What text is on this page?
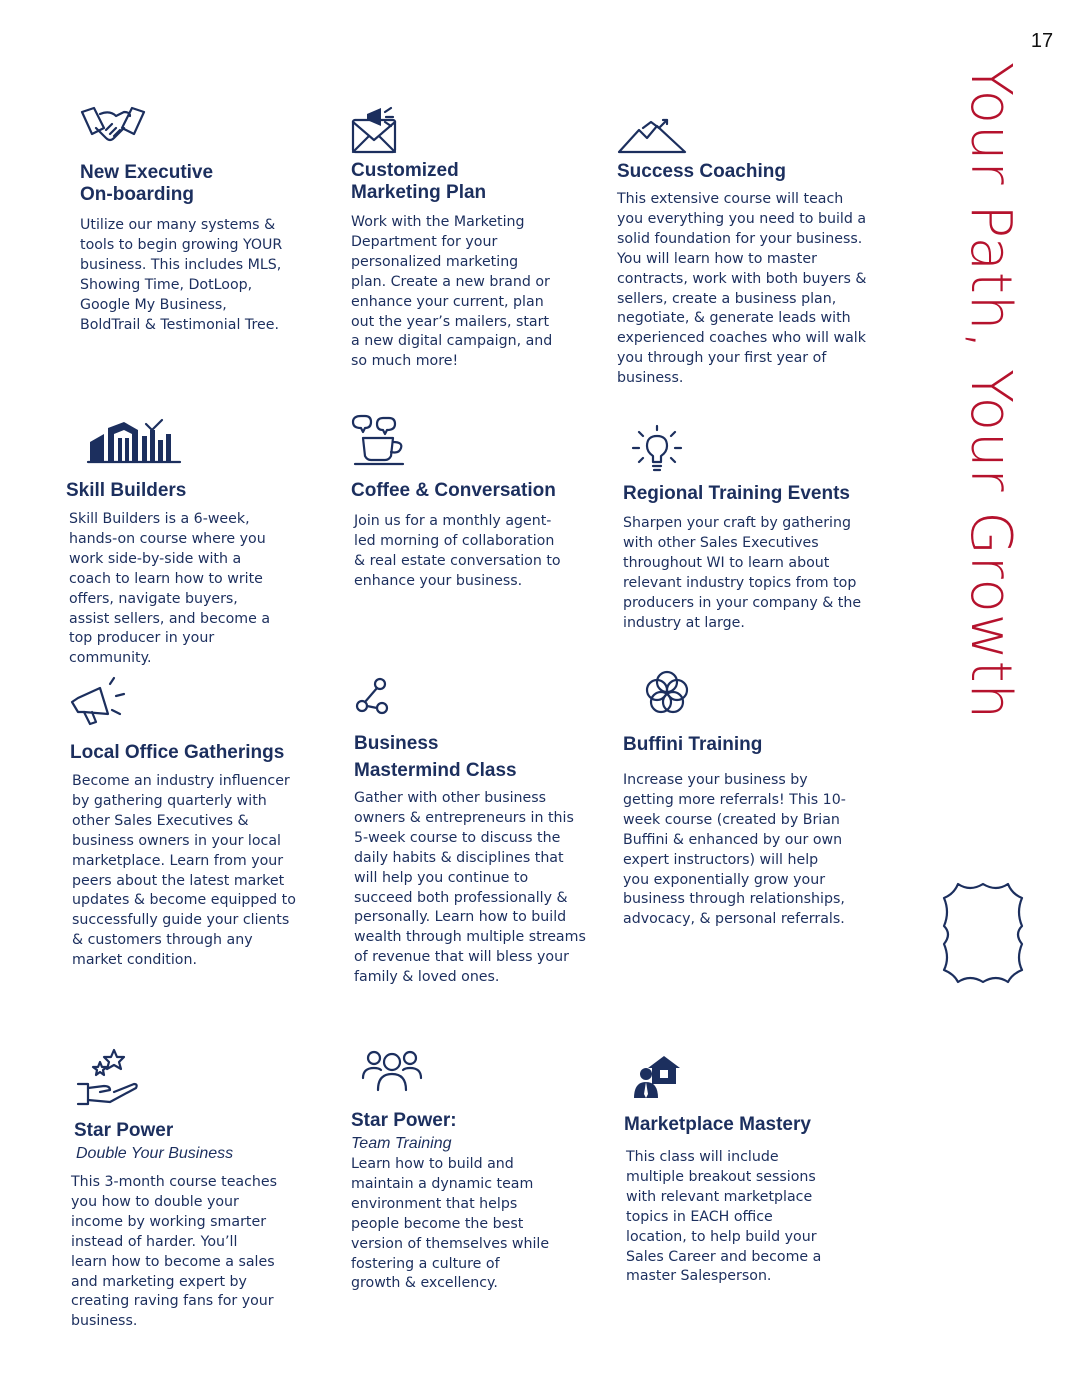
17
Your Path, Your Growth
New Executive
On-boarding

Utilize our many systems &
tools to begin growing YOUR
business. This includes MLS,
Showing Time, DotLoop,
Google My Business,
BoldTrail & Testimonial Tree.

Customized
Marketing Plan

Work with the Marketing
Department for your
personalized marketing
plan. Create a new brand or
enhance your current, plan
out the year’s mailers, start
a new digital campaign, and
so much more!

Success Coaching

This extensive course will teach
you everything you need to build a
solid foundation for your business.
You will learn how to master
contracts, work with both buyers &
sellers, create a business plan,
negotiate, & generate leads with
experienced coaches who will walk
you through your first year of
business.

Skill Builders

Skill Builders is a 6-week,
hands-on course where you
work side-by-side with a
coach to learn how to write
offers, navigate buyers,
assist sellers, and become a
top producer in your
community.

Coffee & Conversation

Join us for a monthly agent-
led morning of collaboration
& real estate conversation to
enhance your business.

Regional Training Events

Sharpen your craft by gathering
with other Sales Executives
throughout WI to learn about
relevant industry topics from top
producers in your company & the
industry at large.

Local Office Gatherings

Become an industry influencer
by gathering quarterly with
other Sales Executives &
business owners in your local
marketplace. Learn from your
peers about the latest market
updates & become equipped to
successfully guide your clients
& customers through any
market condition.

Business
Mastermind Class

Gather with other business
owners & entrepreneurs in this
5-week course to discuss the
daily habits & disciplines that
will help you continue to
succeed both professionally &
personally. Learn how to build
wealth through multiple streams
of revenue that will bless your
family & loved ones.

Buffini Training

Increase your business by
getting more referrals! This 10-
week course (created by Brian
Buffini & enhanced by our own
expert instructors) will help
you exponentially grow your
business through relationships,
advocacy, & personal referrals.

Star Power
Double Your Business

This 3-month course teaches
you how to double your
income by working smarter
instead of harder. You’ll
learn how to become a sales
and marketing expert by
creating raving fans for your
business.

Star Power:
Team Training

Learn how to build and
maintain a dynamic team
environment that helps
people become the best
version of themselves while
fostering a culture of
growth & excellency.

Marketplace Mastery

This class will include
multiple breakout sessions
with relevant marketplace
topics in EACH office
location, to help build your
Sales Career and become a
master Salesperson.
